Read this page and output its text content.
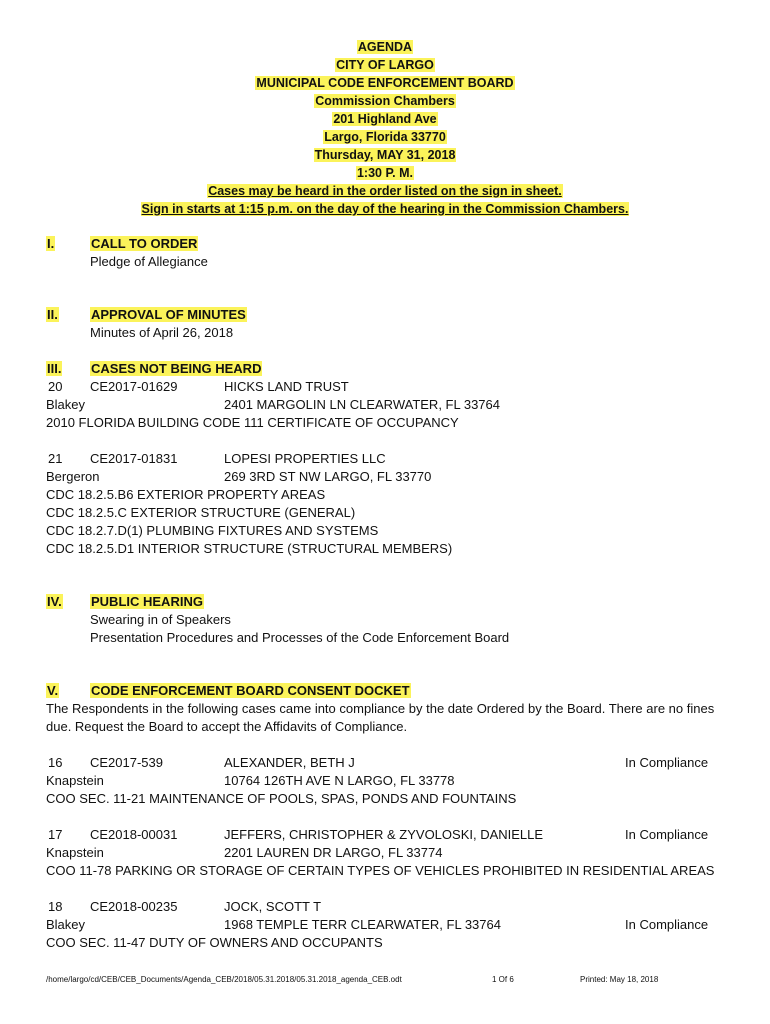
AGENDA
CITY OF LARGO
MUNICIPAL CODE ENFORCEMENT BOARD
Commission Chambers
201 Highland Ave
Largo, Florida 33770
Thursday, MAY 31, 2018
1:30 P. M.
Cases may be heard in the order listed on the sign in sheet.
Sign in starts at 1:15 p.m. on the day of the hearing in the Commission Chambers.
I.	CALL TO ORDER
Pledge of Allegiance
II.	APPROVAL OF MINUTES
Minutes of April 26, 2018
III. CASES NOT BEING HEARD
20 CE2017-01629	HICKS LAND TRUST
Blakey	2401 MARGOLIN LN CLEARWATER, FL 33764
2010 FLORIDA BUILDING CODE 111 CERTIFICATE OF OCCUPANCY
21 CE2017-01831	LOPESI PROPERTIES LLC
Bergeron	269 3RD ST NW LARGO, FL 33770
CDC 18.2.5.B6 EXTERIOR PROPERTY AREAS
CDC 18.2.5.C EXTERIOR STRUCTURE (GENERAL)
CDC 18.2.7.D(1) PLUMBING FIXTURES AND SYSTEMS
CDC 18.2.5.D1 INTERIOR STRUCTURE (STRUCTURAL MEMBERS)
IV. PUBLIC HEARING
Swearing in of Speakers
Presentation Procedures and Processes of the Code Enforcement Board
V.	CODE ENFORCEMENT BOARD CONSENT DOCKET
The Respondents in the following cases came into compliance by the date Ordered by the Board. There are no fines
due. Request the Board to accept the Affidavits of Compliance.
16 CE2017-539	ALEXANDER, BETH J	In Compliance
Knapstein	10764 126TH AVE N LARGO, FL 33778
COO SEC. 11-21 MAINTENANCE OF POOLS, SPAS, PONDS AND FOUNTAINS
17 CE2018-00031	JEFFERS, CHRISTOPHER & ZYVOLOSKI, DANIELLE	In Compliance
Knapstein	2201 LAUREN DR LARGO, FL 33774
COO 11-78 PARKING OR STORAGE OF CERTAIN TYPES OF VEHICLES PROHIBITED IN RESIDENTIAL AREAS
18 CE2018-00235	JOCK, SCOTT T
Blakey	1968 TEMPLE TERR CLEARWATER, FL 33764	In Compliance
COO SEC. 11-47 DUTY OF OWNERS AND OCCUPANTS
/home/largo/cd/CEB/CEB_Documents/Agenda_CEB/2018/05.31.2018/05.31.2018_agenda_CEB.odt	1 Of 6	Printed: May 18, 2018
